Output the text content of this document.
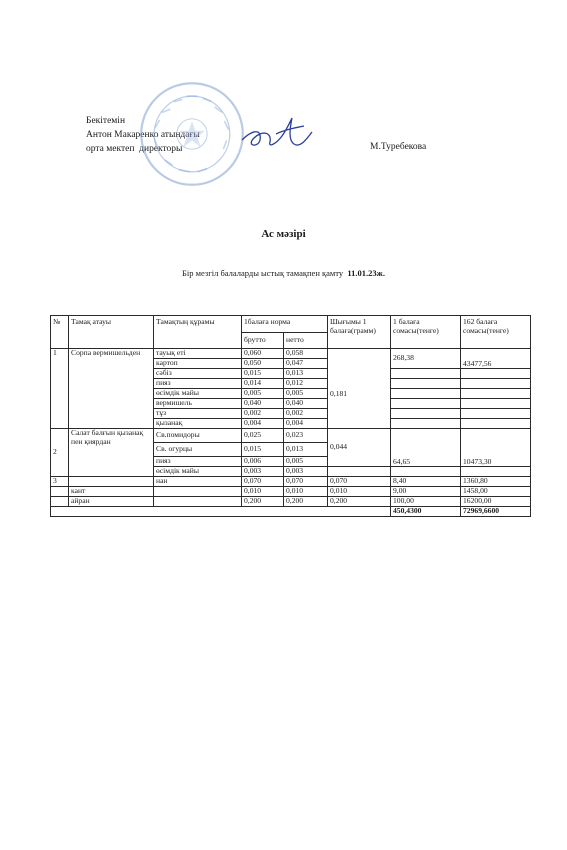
Бекітемін
Антон Макаренко атындағы
орта мектеп директоры	М.Туребекова
Ас мәзірі
Бір мезгіл балаларды ыстық тамақпен қамту 11.01.23ж.
№	Тамақ атауы	Тамақтың құрамы	1балаға норма		Шығымы 1 балаға(грамм)	1 балаға сомасы(тенге)	162 балаға сомасы(тенге)
			брутто	нетто			
1	Сорпа вермишельден	тауық еті	0,060	0,058		268,38	43477,56
		картоп	0,050	0,047			
		сәбіз	0,015	0,013			
		пияз	0,014	0,012			
		өсімдік майы	0,005	0,005	0,181		
		вермишель	0,040	0,040			
		тұз	0,002	0,002			
		қызанақ	0,004	0,004			
2	Салат балғын қызанақ пен қиярдан	Св.помидоры	0,025	0,023	0,044	64,65	10473,30
		Св. огурцы	0,015	0,013			
		пияз	0,006	0,005			
		өсімдік майы	0,003	0,003			
3		нан	0,070	0,070	0,070	8,40	1360,80
	кант		0,010	0,010	0,010	9,00	1458,00
	айран		0,200	0,200	0,200	100,00	16200,00
						450,4300	72969,6600
